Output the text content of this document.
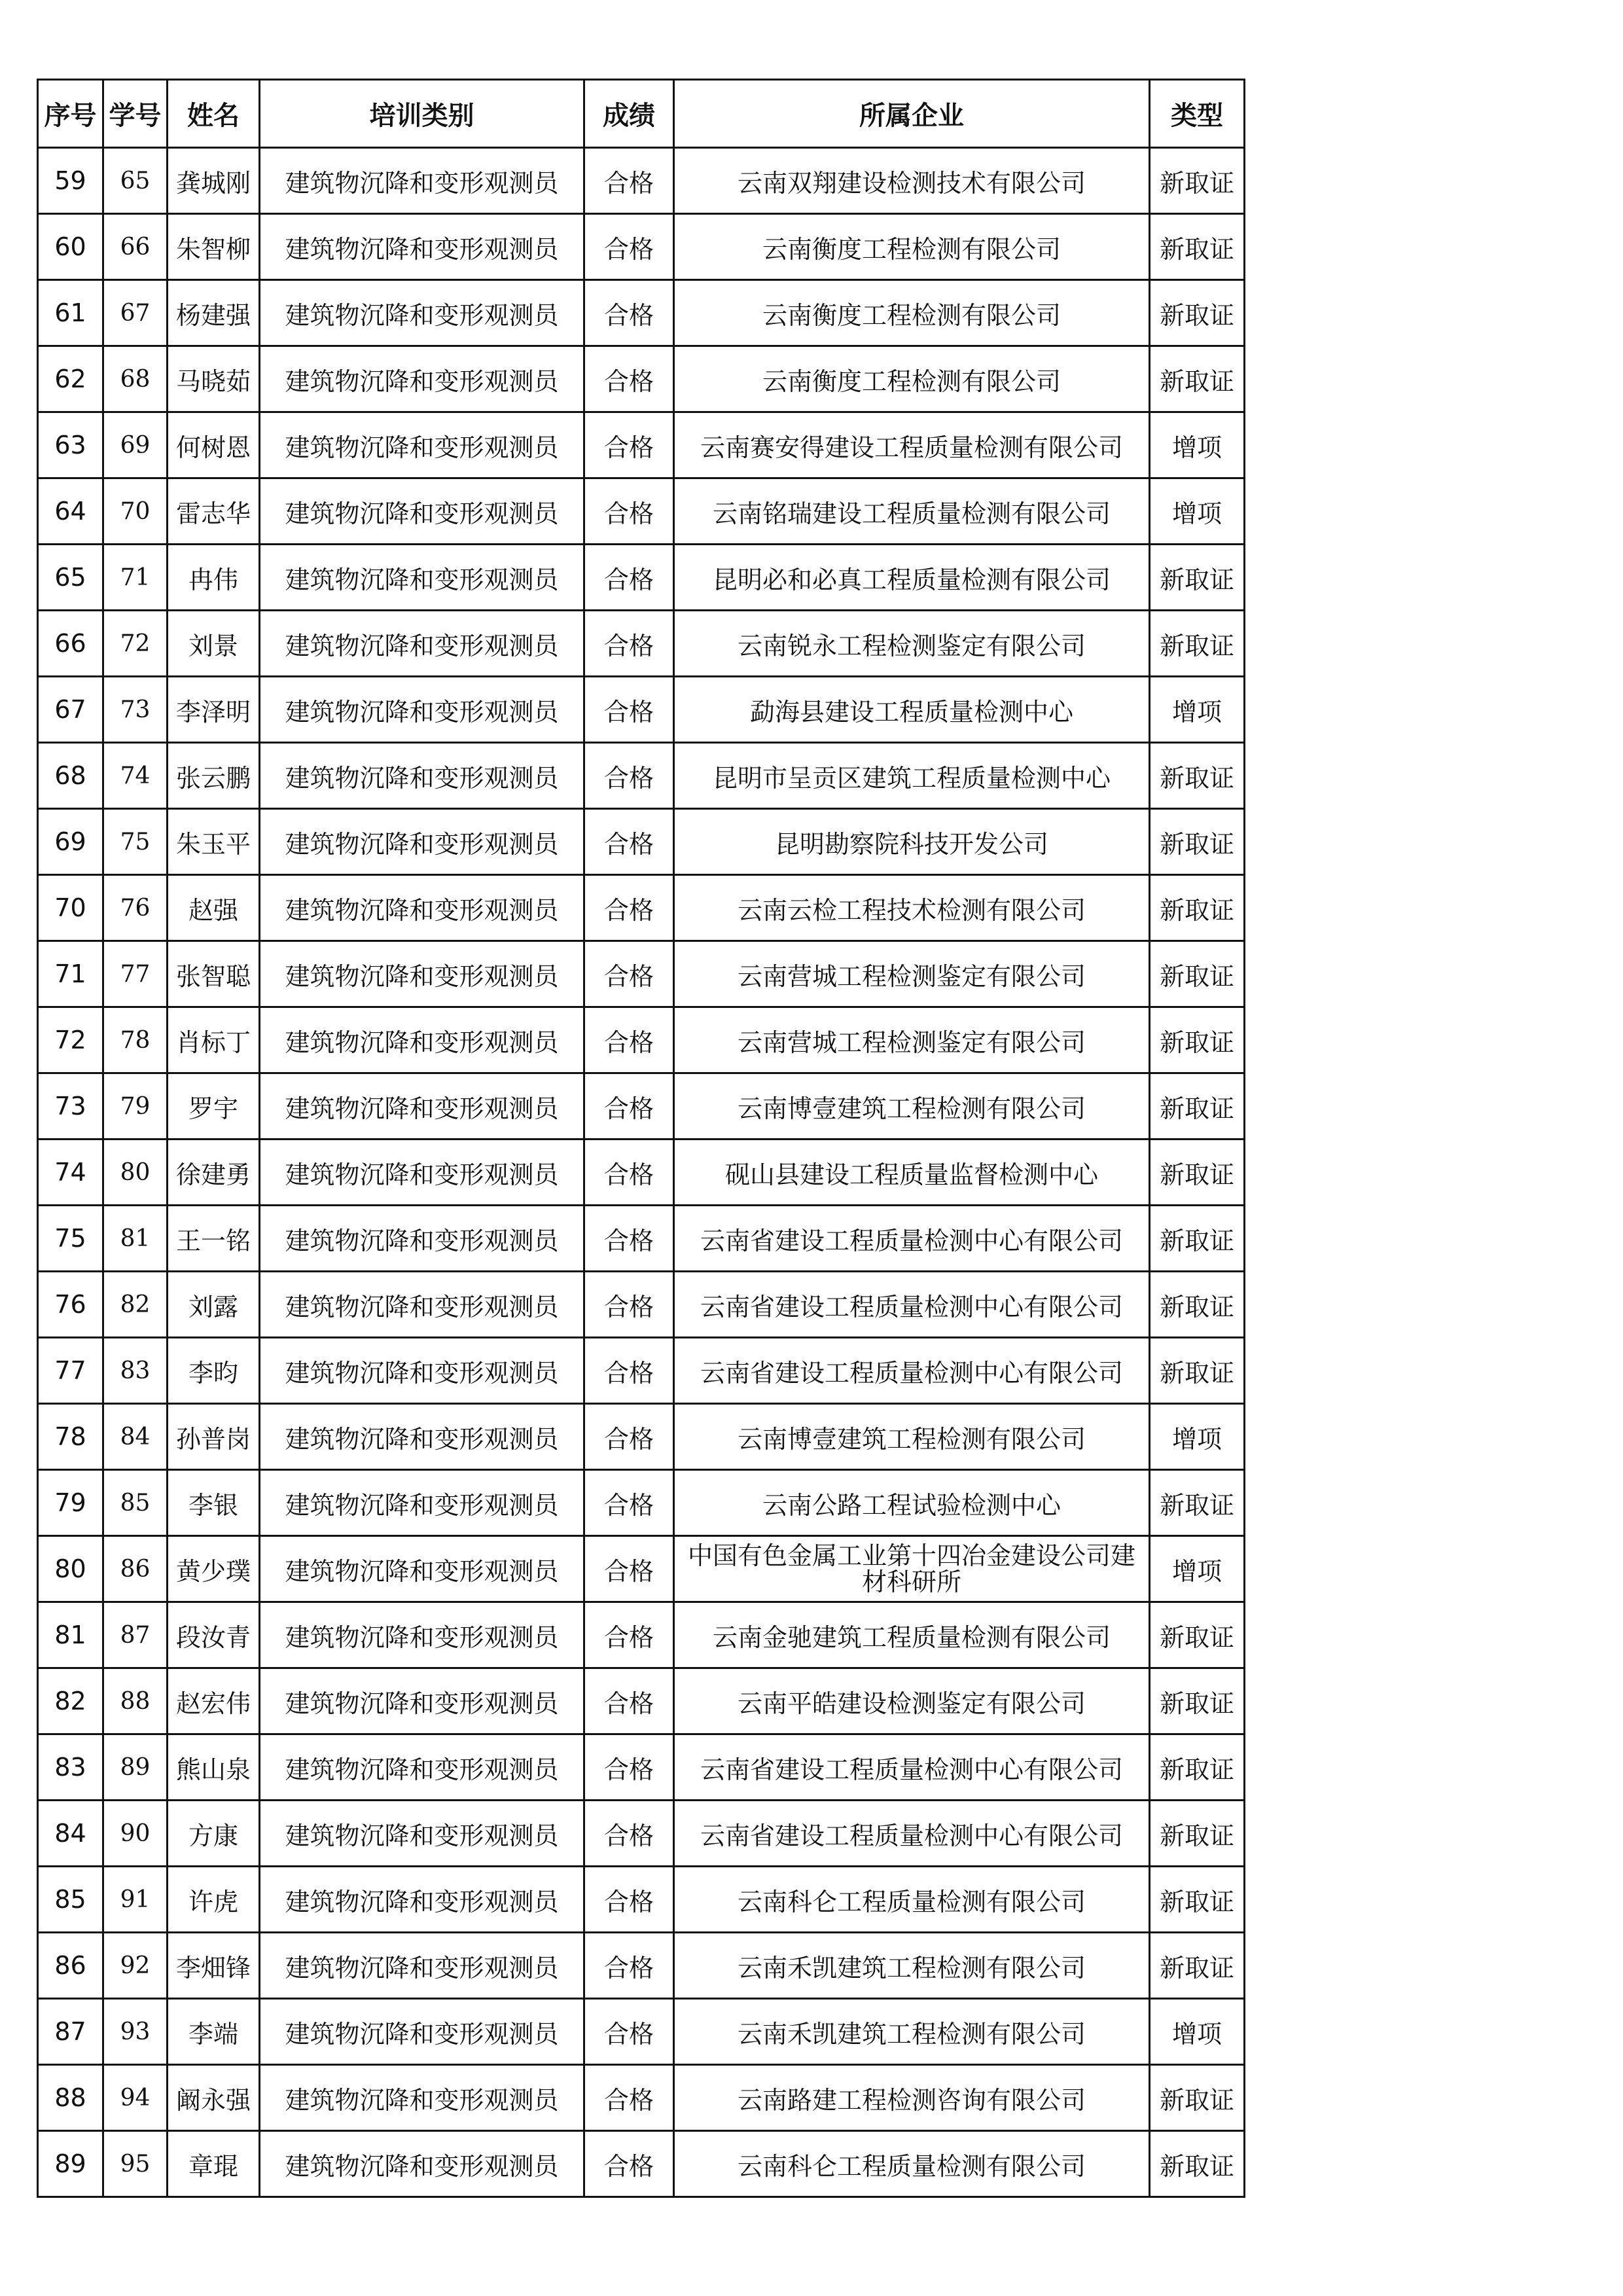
序号	学号	姓名	培训类别	成绩	所属企业	类型
59	65	龚城刚	建筑物沉降和变形观测员	合格	云南双翔建设检测技术有限公司	新取证
60	66	朱智柳	建筑物沉降和变形观测员	合格	云南衡度工程检测有限公司	新取证
61	67	杨建强	建筑物沉降和变形观测员	合格	云南衡度工程检测有限公司	新取证
62	68	马晓茹	建筑物沉降和变形观测员	合格	云南衡度工程检测有限公司	新取证
63	69	何树恩	建筑物沉降和变形观测员	合格	云南赛安得建设工程质量检测有限公司	增项
64	70	雷志华	建筑物沉降和变形观测员	合格	云南铭瑞建设工程质量检测有限公司	增项
65	71	冉伟	建筑物沉降和变形观测员	合格	昆明必和必真工程质量检测有限公司	新取证
66	72	刘景	建筑物沉降和变形观测员	合格	云南锐永工程检测鉴定有限公司	新取证
67	73	李泽明	建筑物沉降和变形观测员	合格	勐海县建设工程质量检测中心	增项
68	74	张云鹏	建筑物沉降和变形观测员	合格	昆明市呈贡区建筑工程质量检测中心	新取证
69	75	朱玉平	建筑物沉降和变形观测员	合格	昆明勘察院科技开发公司	新取证
70	76	赵强	建筑物沉降和变形观测员	合格	云南云检工程技术检测有限公司	新取证
71	77	张智聪	建筑物沉降和变形观测员	合格	云南营城工程检测鉴定有限公司	新取证
72	78	肖标丁	建筑物沉降和变形观测员	合格	云南营城工程检测鉴定有限公司	新取证
73	79	罗宇	建筑物沉降和变形观测员	合格	云南博壹建筑工程检测有限公司	新取证
74	80	徐建勇	建筑物沉降和变形观测员	合格	砚山县建设工程质量监督检测中心	新取证
75	81	王一铭	建筑物沉降和变形观测员	合格	云南省建设工程质量检测中心有限公司	新取证
76	82	刘露	建筑物沉降和变形观测员	合格	云南省建设工程质量检测中心有限公司	新取证
77	83	李昀	建筑物沉降和变形观测员	合格	云南省建设工程质量检测中心有限公司	新取证
78	84	孙普岗	建筑物沉降和变形观测员	合格	云南博壹建筑工程检测有限公司	增项
79	85	李银	建筑物沉降和变形观测员	合格	云南公路工程试验检测中心	新取证
80	86	黄少璞	建筑物沉降和变形观测员	合格	中国有色金属工业第十四冶金建设公司建材科研所	增项
81	87	段汝青	建筑物沉降和变形观测员	合格	云南金驰建筑工程质量检测有限公司	新取证
82	88	赵宏伟	建筑物沉降和变形观测员	合格	云南平皓建设检测鉴定有限公司	新取证
83	89	熊山泉	建筑物沉降和变形观测员	合格	云南省建设工程质量检测中心有限公司	新取证
84	90	方康	建筑物沉降和变形观测员	合格	云南省建设工程质量检测中心有限公司	新取证
85	91	许虎	建筑物沉降和变形观测员	合格	云南科仑工程质量检测有限公司	新取证
86	92	李畑锋	建筑物沉降和变形观测员	合格	云南禾凯建筑工程检测有限公司	新取证
87	93	李端	建筑物沉降和变形观测员	合格	云南禾凯建筑工程检测有限公司	增项
88	94	阚永强	建筑物沉降和变形观测员	合格	云南路建工程检测咨询有限公司	新取证
89	95	章琨	建筑物沉降和变形观测员	合格	云南科仑工程质量检测有限公司	新取证
